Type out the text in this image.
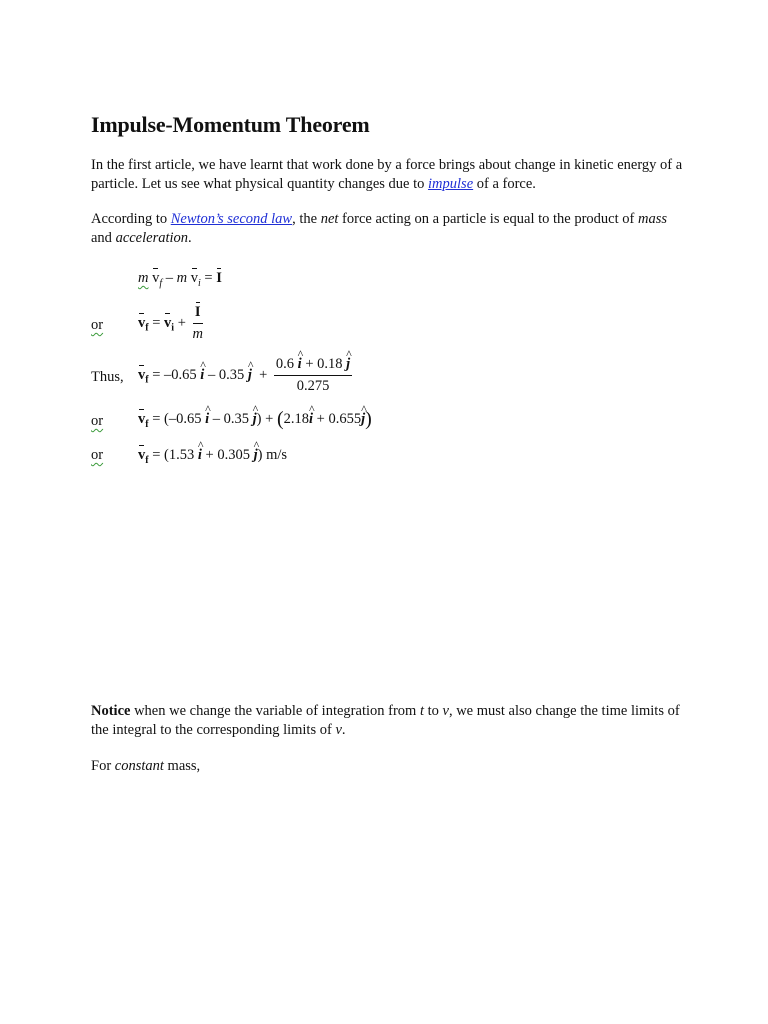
Impulse-Momentum Theorem
In the first article, we have learnt that work done by a force brings about change in kinetic energy of a particle. Let us see what physical quantity changes due to impulse of a force.
According to Newton’s second law, the net force acting on a particle is equal to the product of mass and acceleration.
m $v_f$ – m $v_i = I$
or $v_f = v_i + \frac{I}{m}$
Thus, $v_f = -0.65$ ^ i – 0.35 ^ $j + \frac{0.6 \^{} i + 0.18 \^{} j}{0.275}$
or $v_f = (-0.65$ ^ i – 0.35 ^ j) + (2.18^ i + 0.655^ j)
or $v_f = (1.53$ ^ i + 0.305 ^ j) m/s
Notice when we change the variable of integration from t to v, we must also change the time limits of the integral to the corresponding limits of v.
For constant mass,
